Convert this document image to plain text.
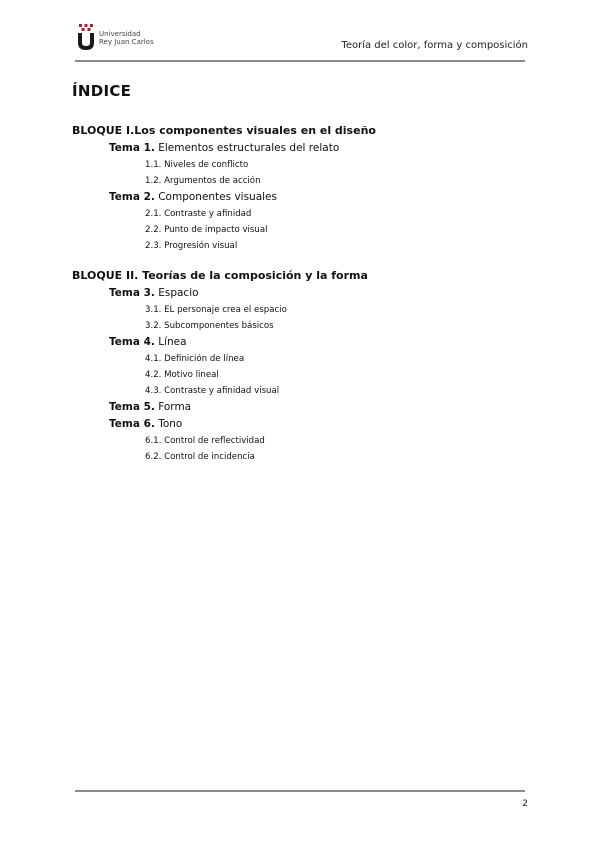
Universidad
Rey Juan Carlos	Teoría del color, forma y composición
ÍNDICE
BLOQUE I.Los componentes visuales en el diseño
Tema 1. Elementos estructurales del relato
1.1. Niveles de conflicto
1.2. Argumentos de acción
Tema 2. Componentes visuales
2.1. Contraste y afinidad
2.2. Punto de impacto visual
2.3. Progresión visual
BLOQUE II. Teorías de la composición y la forma
Tema 3. Espacio
3.1. EL personaje crea el espacio
3.2. Subcomponentes básicos
Tema 4. Línea
4.1. Definición de línea
4.2. Motivo lineal
4.3. Contraste y afinidad visual
Tema 5. Forma
Tema 6. Tono
6.1. Control de reflectividad
6.2. Control de incidencia
2
